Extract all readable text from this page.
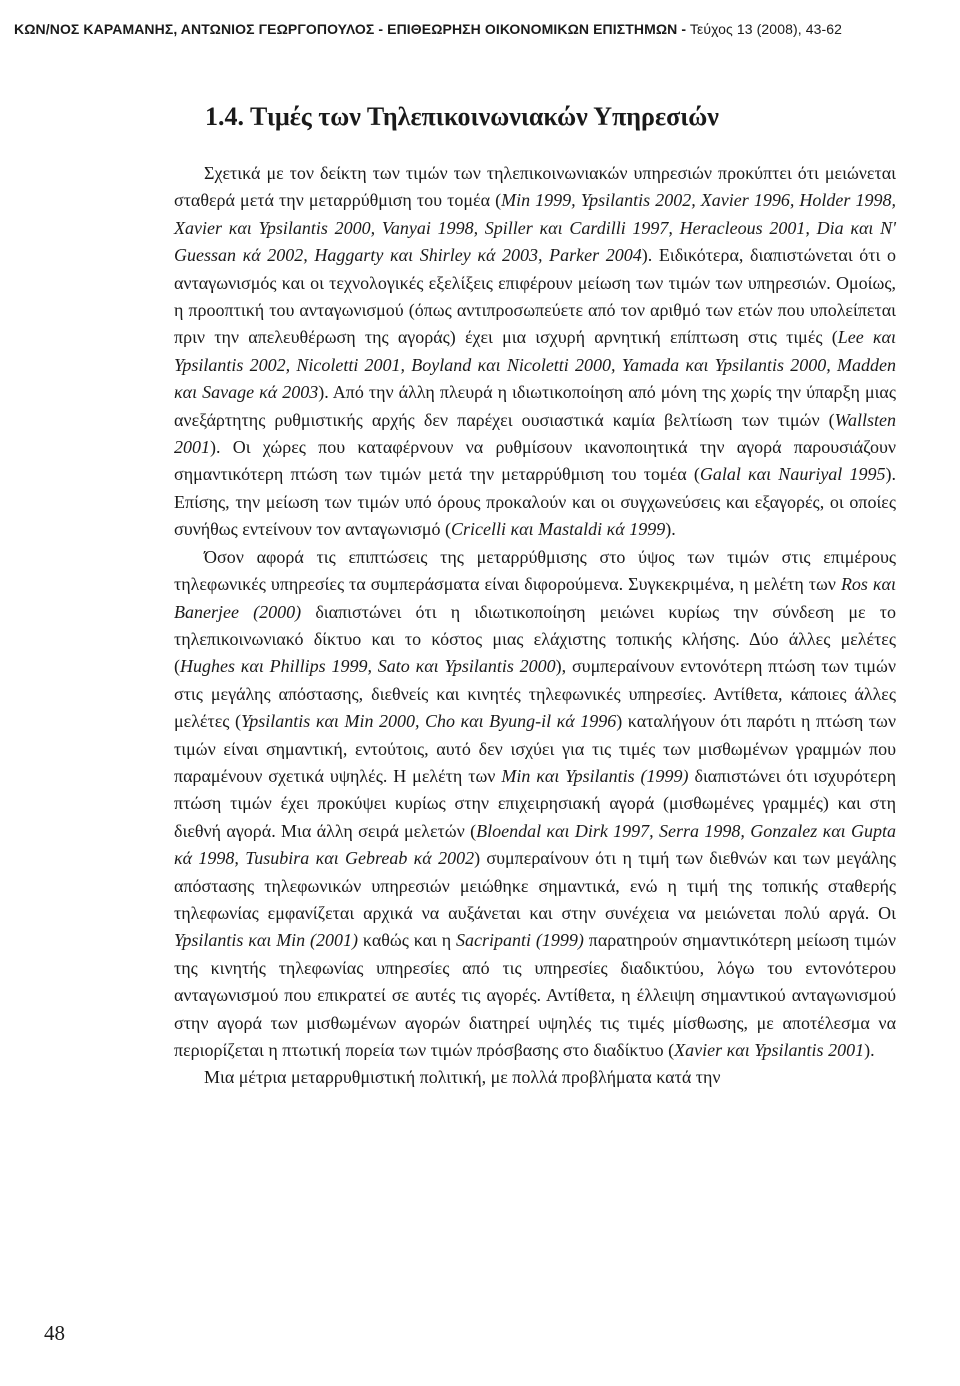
ΚΩΝ/ΝΟΣ ΚΑΡΑΜΑΝΗΣ, ΑΝΤΩΝΙΟΣ ΓΕΩΡΓΟΠΟΥΛΟΣ - ΕΠΙΘΕΩΡΗΣΗ ΟΙΚΟΝΟΜΙΚΩΝ ΕΠΙΣΤΗΜΩΝ - Τεύχος 13 (2008), 43-62
1.4. Τιμές των Τηλεπικοινωνιακών Υπηρεσιών

Σχετικά με τον δείκτη των τιμών των τηλεπικοινωνιακών υπηρεσιών προκύπτει ότι μειώνεται σταθερά μετά την μεταρρύθμιση του τομέα (Min 1999, Ypsilantis 2002, Xavier 1996, Holder 1998, Xavier και Ypsilantis 2000, Vanyai 1998, Spiller και Cardilli 1997, Heracleous 2001, Dia και N' Guessan κά 2002, Haggarty και Shirley κά 2003, Parker 2004). Ειδικότερα, διαπιστώνεται ότι ο ανταγωνισμός και οι τεχνολογικές εξελίξεις επιφέρουν μείωση των τιμών των υπηρεσιών. Ομοίως, η προοπτική του ανταγωνισμού (όπως αντιπροσωπεύετε από τον αριθμό των ετών που υπολείπεται πριν την απελευθέρωση της αγοράς) έχει μια ισχυρή αρνητική επίπτωση στις τιμές (Lee και Ypsilantis 2002, Nicoletti 2001, Boyland και Nicoletti 2000, Yamada και Ypsilantis 2000, Madden και Savage κά 2003). Από την άλλη πλευρά η ιδιωτικοποίηση από μόνη της χωρίς την ύπαρξη μιας ανεξάρτητης ρυθμιστικής αρχής δεν παρέχει ουσιαστικά καμία βελτίωση των τιμών (Wallsten 2001). Οι χώρες που καταφέρνουν να ρυθμίσουν ικανοποιητικά την αγορά παρουσιάζουν σημαντικότερη πτώση των τιμών μετά την μεταρρύθμιση του τομέα (Galal και Nauriyal 1995). Επίσης, την μείωση των τιμών υπό όρους προκαλούν και οι συγχωνεύσεις και εξαγορές, οι οποίες συνήθως εντείνουν τον ανταγωνισμό (Cricelli και Mastaldi κά 1999).

Όσον αφορά τις επιπτώσεις της μεταρρύθμισης στο ύψος των τιμών στις επιμέρους τηλεφωνικές υπηρεσίες τα συμπεράσματα είναι διφορούμενα. Συγκεκριμένα, η μελέτη των Ros και Banerjee (2000) διαπιστώνει ότι η ιδιωτικοποίηση μειώνει κυρίως την σύνδεση με το τηλεπικοινωνιακό δίκτυο και το κόστος μιας ελάχιστης τοπικής κλήσης. Δύο άλλες μελέτες (Hughes και Phillips 1999, Sato και Ypsilantis 2000), συμπεραίνουν εντονότερη πτώση των τιμών στις μεγάλης απόστασης, διεθνείς και κινητές τηλεφωνικές υπηρεσίες. Αντίθετα, κάποιες άλλες μελέτες (Ypsilantis και Min 2000, Cho και Byung-il κά 1996) καταλήγουν ότι παρότι η πτώση των τιμών είναι σημαντική, εντούτοις, αυτό δεν ισχύει για τις τιμές των μισθωμένων γραμμών που παραμένουν σχετικά υψηλές. Η μελέτη των Min και Ypsilantis (1999) διαπιστώνει ότι ισχυρότερη πτώση τιμών έχει προκύψει κυρίως στην επιχειρησιακή αγορά (μισθωμένες γραμμές) και στη διεθνή αγορά. Μια άλλη σειρά μελετών (Bloendal και Dirk 1997, Serra 1998, Gonzalez και Gupta κά 1998, Tusubira και Gebreab κά 2002) συμπεραίνουν ότι η τιμή των διεθνών και των μεγάλης απόστασης τηλεφωνικών υπηρεσιών μειώθηκε σημαντικά, ενώ η τιμή της τοπικής σταθερής τηλεφωνίας εμφανίζεται αρχικά να αυξάνεται και στην συνέχεια να μειώνεται πολύ αργά. Οι Ypsilantis και Min (2001) καθώς και η Sacripanti (1999) παρατηρούν σημαντικότερη μείωση τιμών της κινητής τηλεφωνίας υπηρεσίες από τις υπηρεσίες διαδικτύου, λόγω του εντονότερου ανταγωνισμού που επικρατεί σε αυτές τις αγορές. Αντίθετα, η έλλειψη σημαντικού ανταγωνισμού στην αγορά των μισθωμένων αγορών διατηρεί υψηλές τις τιμές μίσθωσης, με αποτέλεσμα να περιορίζεται η πτωτική πορεία των τιμών πρόσβασης στο διαδίκτυο (Xavier και Ypsilantis 2001).

Μια μέτρια μεταρρυθμιστική πολιτική, με πολλά προβλήματα κατά την

48
